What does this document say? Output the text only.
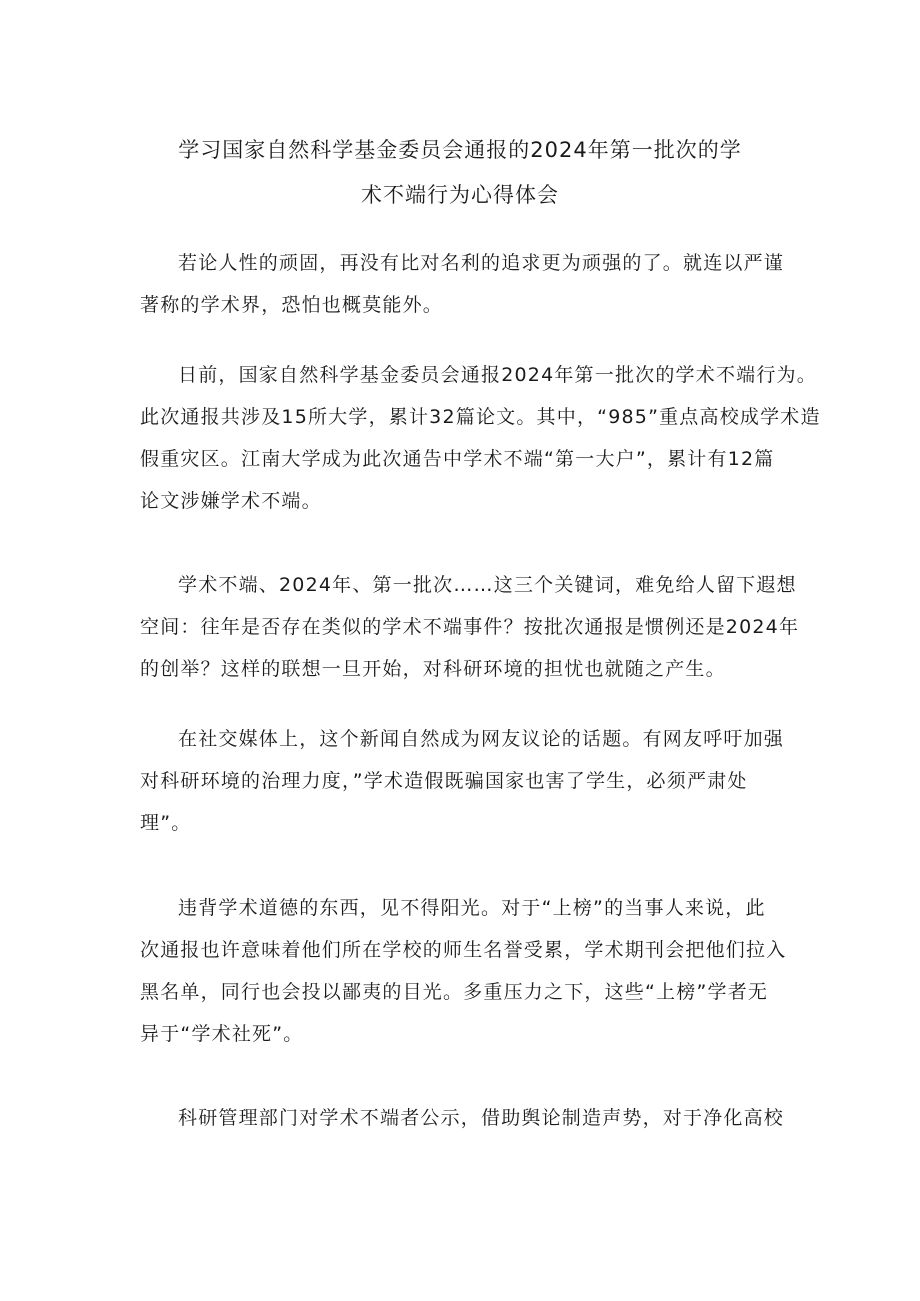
学习国家自然科学基金委员会通报的2024年第一批次的学
术不端行为心得体会

若论人性的顽固，再没有比对名利的追求更为顽强的了。就连以严谨
著称的学术界，恐怕也概莫能外。

日前，国家自然科学基金委员会通报2024年第一批次的学术不端行为。
此次通报共涉及15所大学，累计32篇论文。其中，“985”重点高校成学术造
假重灾区。江南大学成为此次通告中学术不端“第一大户”，累计有12篇
论文涉嫌学术不端。

学术不端、2024年、第一批次……这三个关键词，难免给人留下遐想
空间：往年是否存在类似的学术不端事件？按批次通报是惯例还是2024年
的创举？这样的联想一旦开始，对科研环境的担忧也就随之产生。

在社交媒体上，这个新闻自然成为网友议论的话题。有网友呼吁加强
对科研环境的治理力度，”学术造假既骗国家也害了学生，必须严肃处
理”。

违背学术道德的东西，见不得阳光。对于“上榜”的当事人来说，此
次通报也许意味着他们所在学校的师生名誉受累，学术期刊会把他们拉入
黑名单，同行也会投以鄙夷的目光。多重压力之下，这些“上榜”学者无
异于“学术社死”。

科研管理部门对学术不端者公示，借助舆论制造声势，对于净化高校
